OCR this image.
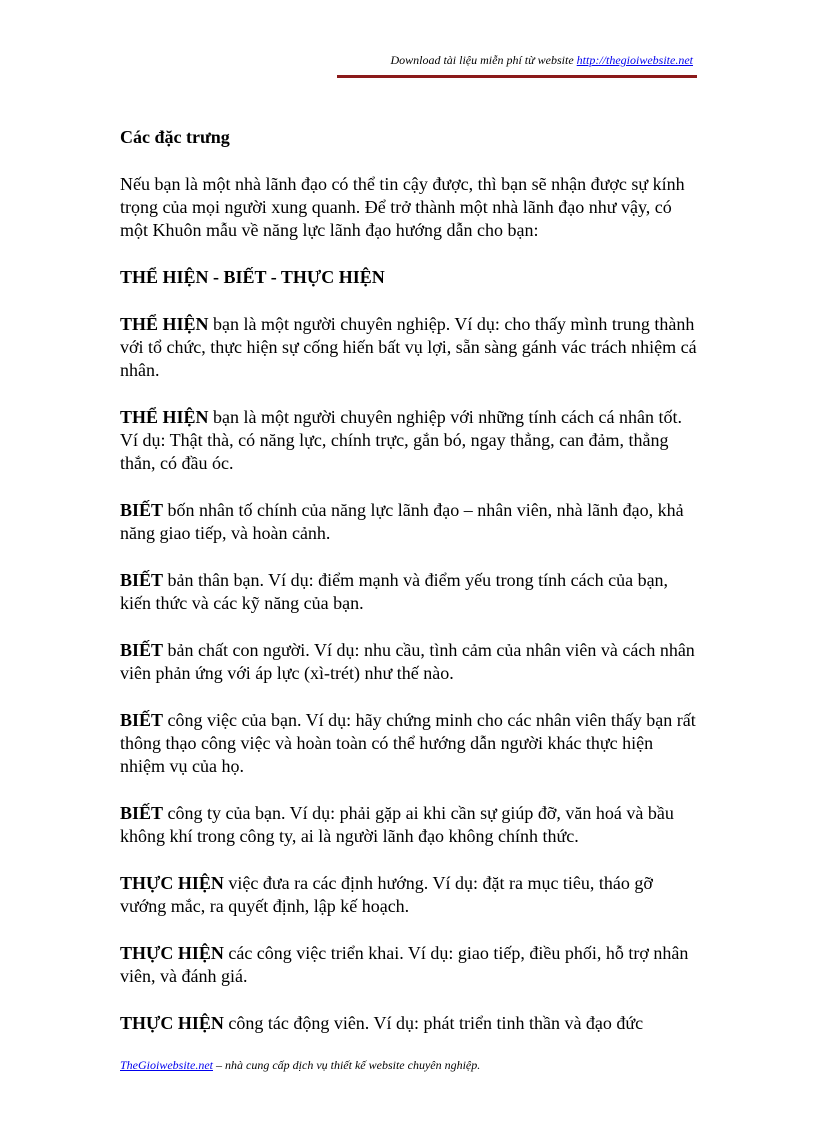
Download tài liệu miễn phí từ website http://thegioiwebsite.net

Các đặc trưng

Nếu bạn là một nhà lãnh đạo có thể tin cậy được, thì bạn sẽ nhận được sự kính trọng của mọi người xung quanh. Để trở thành một nhà lãnh đạo như vậy, có một Khuôn mẫu về năng lực lãnh đạo hướng dẫn cho bạn:

THỂ HIỆN - BIẾT - THỰC HIỆN

THỂ HIỆN bạn là một người chuyên nghiệp. Ví dụ: cho thấy mình trung thành với tổ chức, thực hiện sự cống hiến bất vụ lợi, sẵn sàng gánh vác trách nhiệm cá nhân.

THỂ HIỆN bạn là một người chuyên nghiệp với những tính cách cá nhân tốt. Ví dụ: Thật thà, có năng lực, chính trực, gắn bó, ngay thẳng, can đảm, thẳng thắn, có đầu óc.

BIẾT bốn nhân tố chính của năng lực lãnh đạo – nhân viên, nhà lãnh đạo, khả năng giao tiếp, và hoàn cảnh.

BIẾT bản thân bạn. Ví dụ: điểm mạnh và điểm yếu trong tính cách của bạn, kiến thức và các kỹ năng của bạn.

BIẾT bản chất con người. Ví dụ: nhu cầu, tình cảm của nhân viên và cách nhân viên phản ứng với áp lực (xì-trét) như thế nào.

BIẾT công việc của bạn. Ví dụ: hãy chứng minh cho các nhân viên thấy bạn rất thông thạo công việc và hoàn toàn có thể hướng dẫn người khác thực hiện nhiệm vụ của họ.

BIẾT công ty của bạn. Ví dụ: phải gặp ai khi cần sự giúp đỡ, văn hoá và bầu không khí trong công ty, ai là người lãnh đạo không chính thức.

THỰC HIỆN việc đưa ra các định hướng. Ví dụ: đặt ra mục tiêu, tháo gỡ vướng mắc, ra quyết định, lập kế hoạch.

THỰC HIỆN các công việc triển khai. Ví dụ: giao tiếp, điều phối, hỗ trợ nhân viên, và đánh giá.

THỰC HIỆN công tác động viên. Ví dụ: phát triển tinh thần và đạo đức

TheGioiwebsite.net – nhà cung cấp dịch vụ thiết kế website chuyên nghiệp.
